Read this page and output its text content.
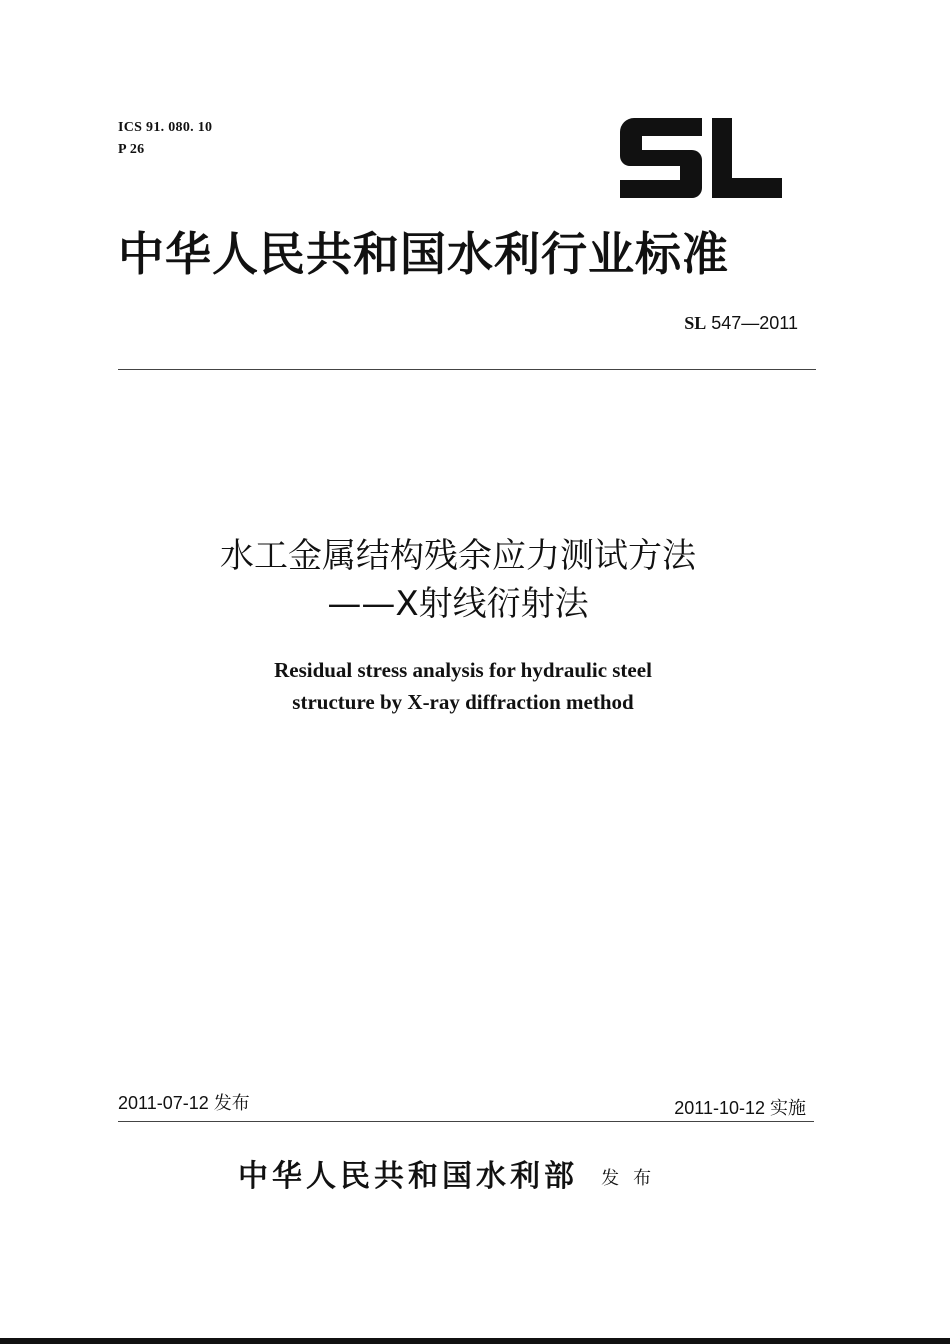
ICS 91. 080. 10
P 26
中华人民共和国水利行业标准
SL 547—2011
水工金属结构残余应力测试方法
——X射线衍射法
Residual stress analysis for hydraulic steel
structure by X-ray diffraction method
2011-07-12 发布	2011-10-12 实施
中华人民共和国水利部 发布
